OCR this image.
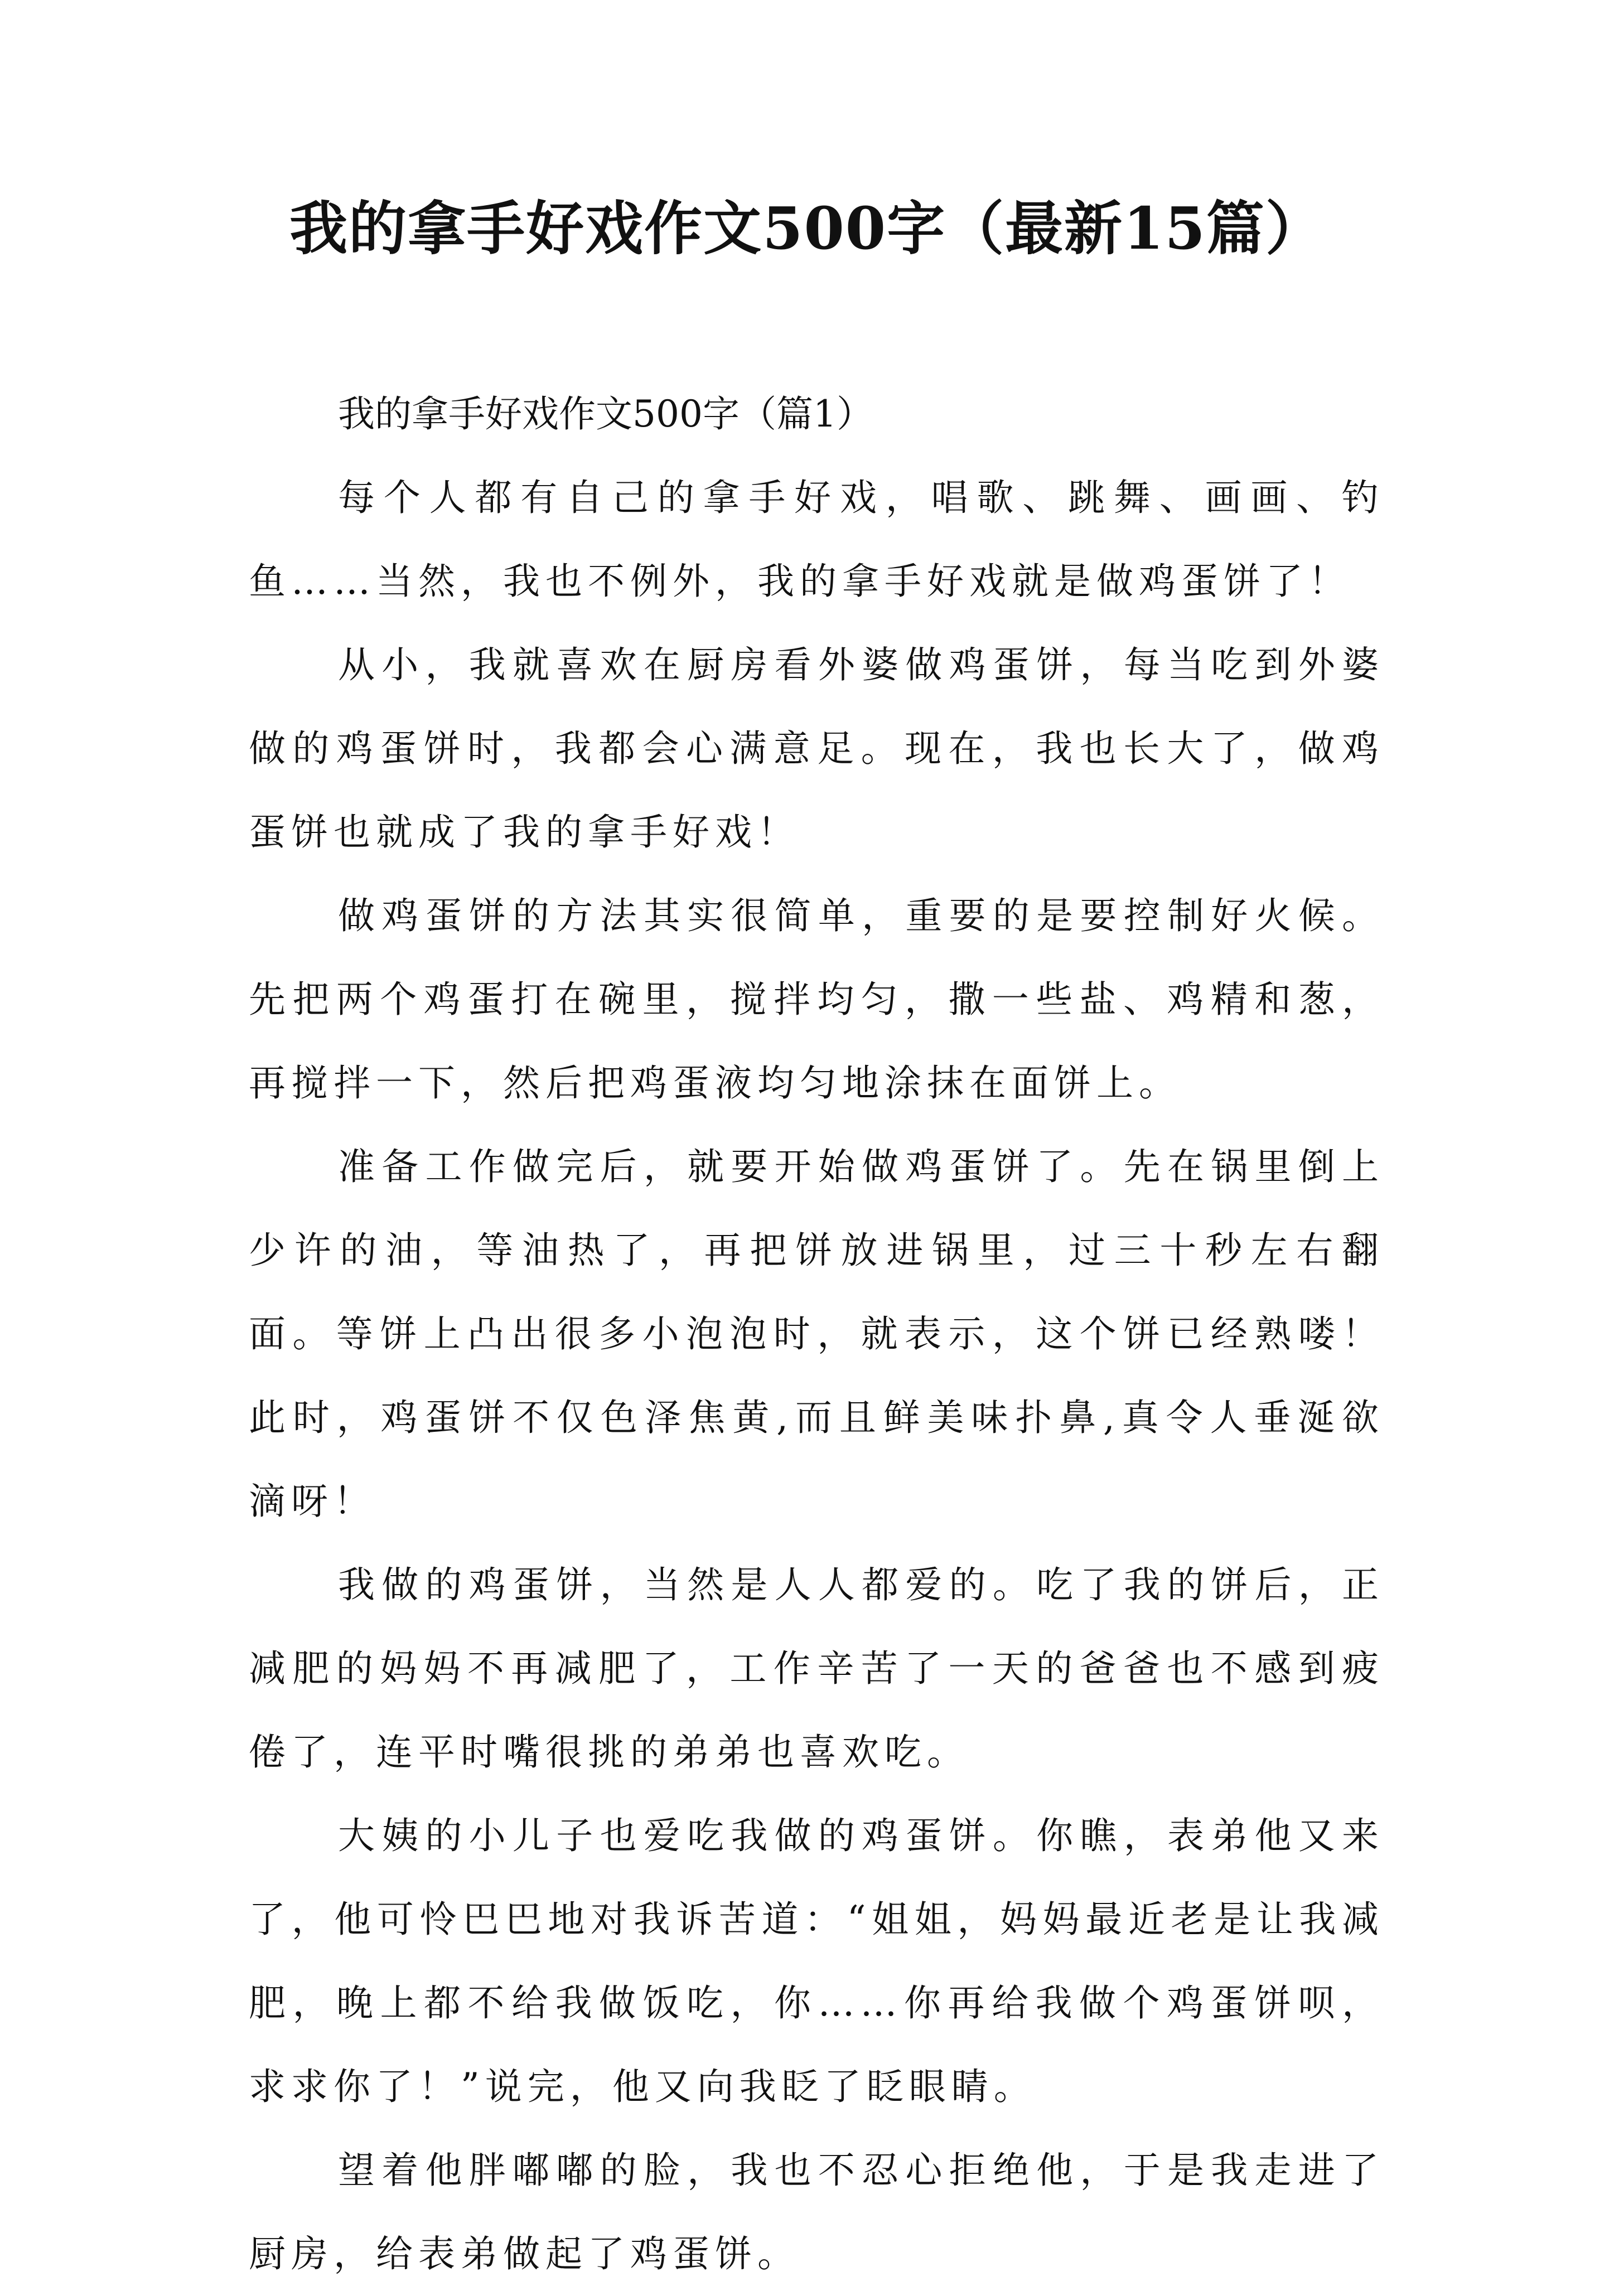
我的拿手好戏作文500字（最新15篇）
我的拿手好戏作文500字（篇1）

每个人都有自己的拿手好戏，唱歌、跳舞、画画、钓鱼……当然，我也不例外，我的拿手好戏就是做鸡蛋饼了！

从小，我就喜欢在厨房看外婆做鸡蛋饼，每当吃到外婆做的鸡蛋饼时，我都会心满意足。现在，我也长大了，做鸡蛋饼也就成了我的拿手好戏！

做鸡蛋饼的方法其实很简单，重要的是要控制好火候。先把两个鸡蛋打在碗里，搅拌均匀，撒一些盐、鸡精和葱，再搅拌一下，然后把鸡蛋液均匀地涂抹在面饼上。

准备工作做完后，就要开始做鸡蛋饼了。先在锅里倒上少许的油，等油热了，再把饼放进锅里，过三十秒左右翻面。等饼上凸出很多小泡泡时，就表示，这个饼已经熟喽！此时，鸡蛋饼不仅色泽焦黄,而且鲜美味扑鼻,真令人垂涎欲滴呀！

我做的鸡蛋饼，当然是人人都爱的。吃了我的饼后，正减肥的妈妈不再减肥了，工作辛苦了一天的爸爸也不感到疲倦了，连平时嘴很挑的弟弟也喜欢吃。

大姨的小儿子也爱吃我做的鸡蛋饼。你瞧，表弟他又来了，他可怜巴巴地对我诉苦道：“姐姐，妈妈最近老是让我减肥，晚上都不给我做饭吃，你……你再给我做个鸡蛋饼呗，求求你了！”说完，他又向我眨了眨眼睛。

望着他胖嘟嘟的脸，我也不忍心拒绝他，于是我走进了厨房，给表弟做起了鸡蛋饼。
